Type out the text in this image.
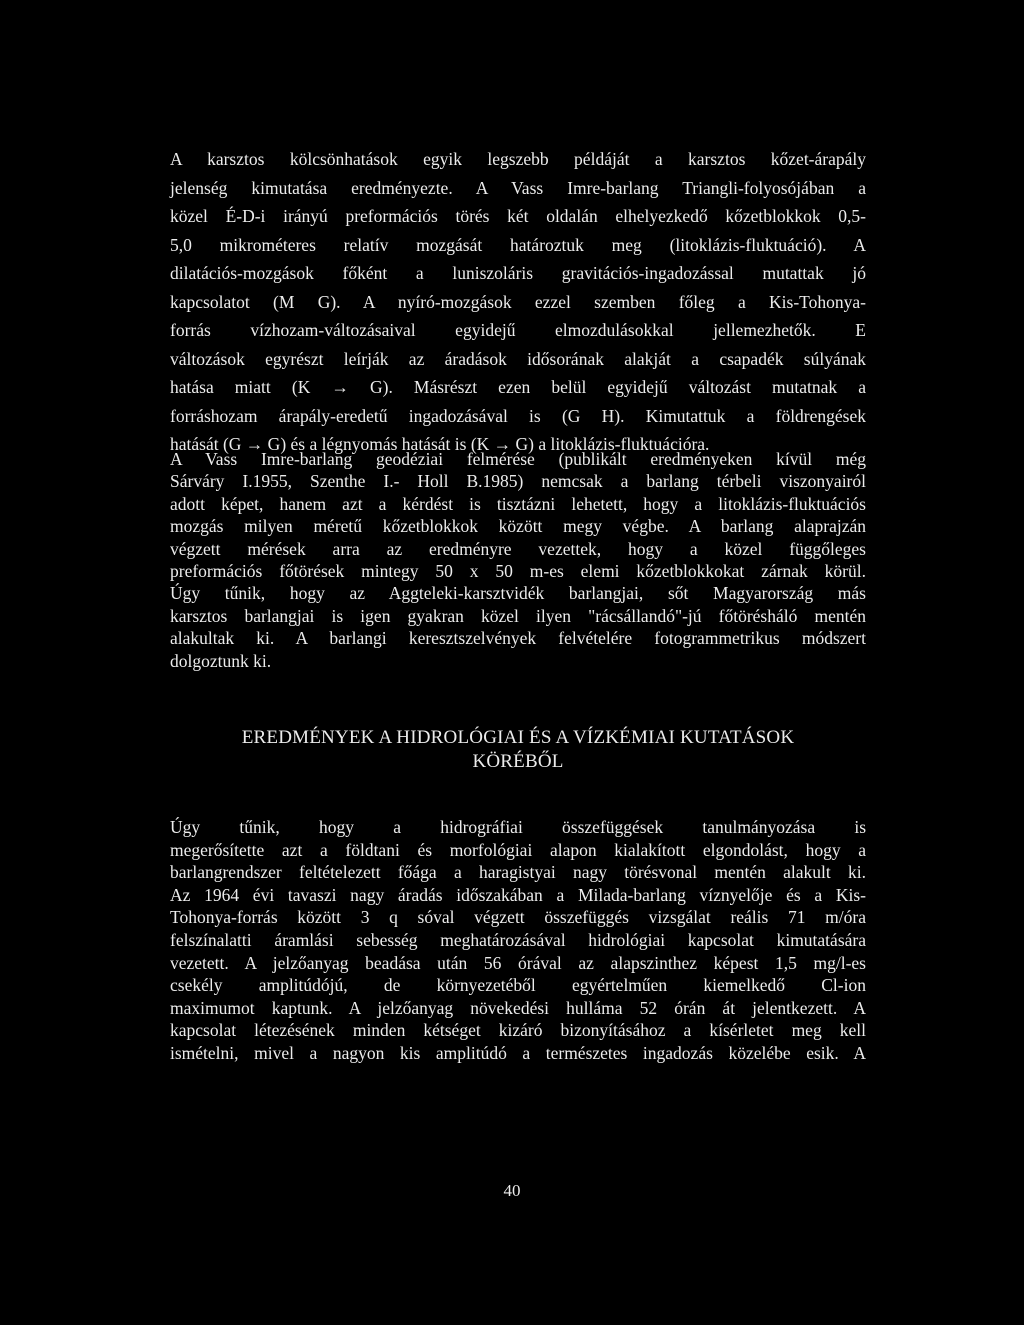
A karsztos kölcsönhatások egyik legszebb példáját a karsztos kőzet-árapály
jelenség kimutatása eredményezte. A Vass Imre-barlang Triangli-folyosójában a
közel É-D-i irányú preformációs törés két oldalán elhelyezkedő kőzetblokkok 0,5-
5,0 mikrométeres relatív mozgását határoztuk meg (litoklázis-fluktuáció). A
dilatációs-mozgások főként a luniszoláris gravitációs-ingadozással mutattak jó
kapcsolatot (M G). A nyíró-mozgások ezzel szemben főleg a Kis-Tohonya-
forrás vízhozam-változásaival egyidejű elmozdulásokkal jellemezhetők. E
változások egyrészt leírják az áradások idősorának alakját a csapadék súlyának
hatása miatt (K → G). Másrészt ezen belül egyidejű változást mutatnak a
forráshozam árapály-eredetű ingadozásával is (G H). Kimutattuk a földrengések
hatását (G → G) és a légnyomás hatását is (K → G) a litoklázis-fluktuációra.
A Vass Imre-barlang geodéziai felmérése (publikált eredményeken kívül még
Sárváry I.1955, Szenthe I.- Holl B.1985) nemcsak a barlang térbeli viszonyairól
adott képet, hanem azt a kérdést is tisztázni lehetett, hogy a litoklázis-fluktuációs
mozgás milyen méretű kőzetblokkok között megy végbe. A barlang alaprajzán
végzett mérések arra az eredményre vezettek, hogy a közel függőleges
preformációs főtörések mintegy 50 x 50 m-es elemi kőzetblokkokat zárnak körül.
Úgy tűnik, hogy az Aggteleki-karsztvidék barlangjai, sőt Magyarország más
karsztos barlangjai is igen gyakran közel ilyen "rácsállandó"-jú főtörésháló mentén
alakultak ki. A barlangi keresztszelvények felvételére fotogrammetrikus módszert
dolgoztunk ki.
EREDMÉNYEK A HIDROLÓGIAI ÉS A VÍZKÉMIAI KUTATÁSOK
KÖRÉBŐL
Úgy tűnik, hogy a hidrográfiai összefüggések tanulmányozása is
megerősítette azt a földtani és morfológiai alapon kialakított elgondolást, hogy a
barlangrendszer feltételezett főága a haragistyai nagy törésvonal mentén alakult ki.
Az 1964 évi tavaszi nagy áradás időszakában a Milada-barlang víznyelője és a Kis-
Tohonya-forrás között 3 q sóval végzett összefüggés vizsgálat reális 71 m/óra
felszínalatti áramlási sebesség meghatározásával hidrológiai kapcsolat kimutatására
vezetett. A jelzőanyag beadása után 56 órával az alapszinthez képest 1,5 mg/l-es
csekély amplitúdójú, de környezetéből egyértelműen kiemelkedő Cl-ion
maximumot kaptunk. A jelzőanyag növekedési hulláma 52 órán át jelentkezett. A
kapcsolat létezésének minden kétséget kizáró bizonyításához a kísérletet meg kell
ismételni, mivel a nagyon kis amplitúdó a természetes ingadozás közelébe esik. A
40
